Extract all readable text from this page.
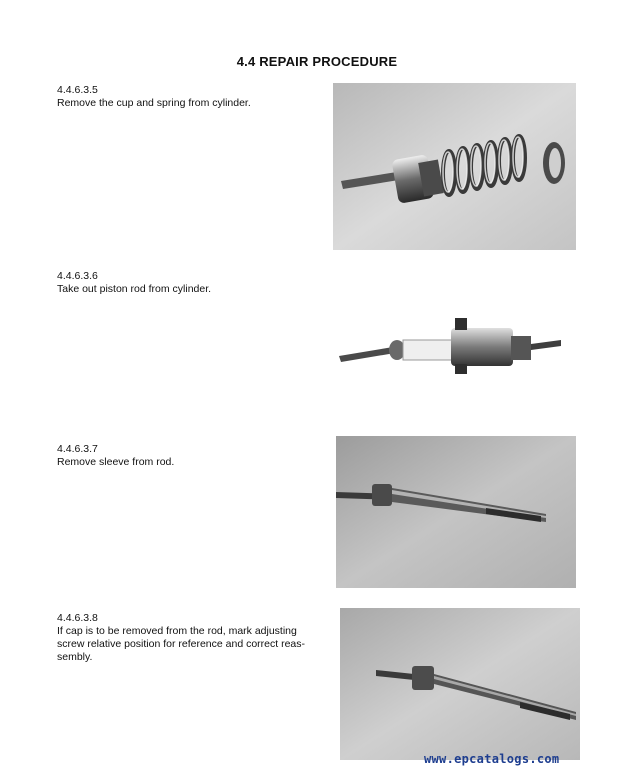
4.4 REPAIR PROCEDURE
4.4.6.3.5
Remove the cup and spring from cylinder.
4.4.6.3.6
Take out piston rod from cylinder.
4.4.6.3.7
Remove sleeve from rod.
4.4.6.3.8
If cap is to be removed from the rod, mark adjusting screw relative position for reference and correct reas-sembly.
www.epcatalogs.com
